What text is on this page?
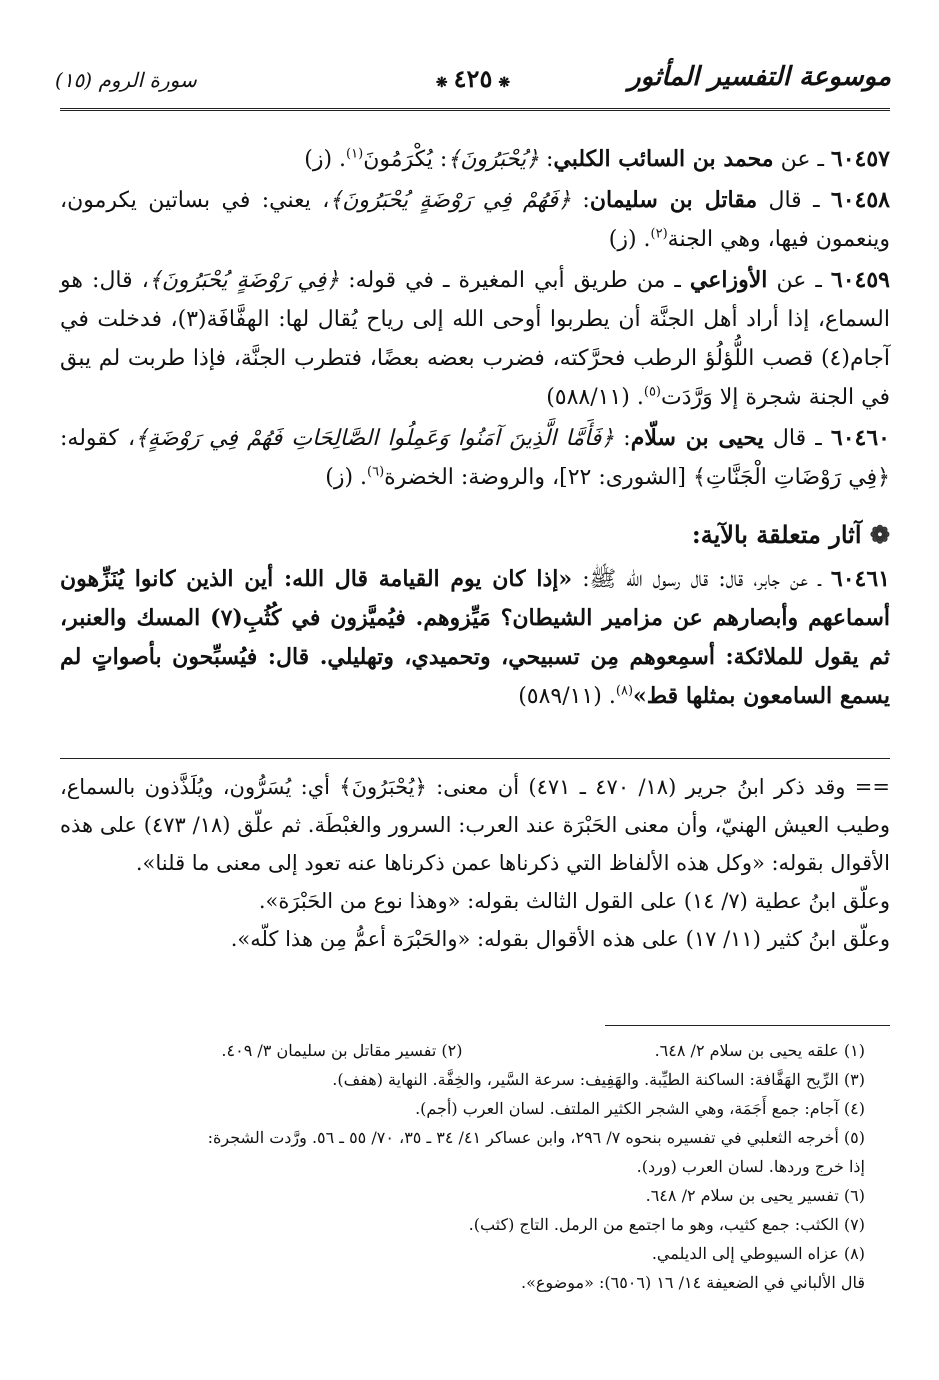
موسوعة التفسير المأثور
❋٤٢٥❋
سورة الروم (١٥)

٦٠٤٥٧ ـ عن محمد بن السائب الكلبي: ﴿يُحْبَرُونَ﴾: يُكْرَمُونَ$^{(١)}$. (ز)

٦٠٤٥٨ ـ قال مقاتل بن سليمان: ﴿فَهُمْ فِي رَوْضَةٍ يُحْبَرُونَ﴾، يعني: في بساتين يكرمون، وينعمون فيها، وهي الجنة$^{(٢)}$. (ز)

٦٠٤٥٩ ـ عن الأوزاعي ـ من طريق أبي المغيرة ـ في قوله: ﴿فِي رَوْضَةٍ يُحْبَرُونَ﴾، قال: هو السماع، إذا أراد أهل الجنَّة أن يطربوا أوحى الله إلى رياح يُقال لها: الهفَّافَة(٣)، فدخلت في آجام(٤) قصب اللُّؤلُؤ الرطب فحرَّكته، فضرب بعضه بعضًا، فتطرب الجنَّة، فإذا طربت لم يبق في الجنة شجرة إلا وَرَّدَت$^{(٥)}$. (٥٨٨/١١)

٦٠٤٦٠ ـ قال يحيى بن سلّام: ﴿فَأَمَّا الَّذِينَ آمَنُوا وَعَمِلُوا الصَّالِحَاتِ فَهُمْ فِي رَوْضَةٍ﴾، كقوله: ﴿فِي رَوْضَاتِ الْجَنَّاتِ﴾ [الشورى: ٢٢]، والروضة: الخضرة$^{(٦)}$. (ز)

❁ آثار متعلقة بالآية:

٦٠٤٦١ ـ عن جابر، قال: قال رسول الله ﷺ: «إذا كان يوم القيامة قال الله: أين الذين كانوا يُنَزِّهون أسماعهم وأبصارهم عن مزامير الشيطان؟ مَيِّزوهم. فيُميَّزون في كُثُبِ(٧) المسك والعنبر، ثم يقول للملائكة: أسمِعوهم مِن تسبيحي، وتحميدي، وتهليلي. قال: فيُسبِّحون بأصواتٍ لم يسمع السامعون بمثلها قط»$^{(٨)}$. (٥٨٩/١١)

== وقد ذكر ابنُ جرير (١٨/ ٤٧٠ ـ ٤٧١) أن معنى: ﴿يُحْبَرُونَ﴾ أي: يُسَرُّون، ويُلَذَّذون بالسماع، وطيب العيش الهنيّ، وأن معنى الحَبْرَة عند العرب: السرور والغبْطَة. ثم علّق (١٨/ ٤٧٣) على هذه الأقوال بقوله: «وكل هذه الألفاظ التي ذكرناها عمن ذكرناها عنه تعود إلى معنى ما قلنا».

وعلّق ابنُ عطية (٧/ ١٤) على القول الثالث بقوله: «وهذا نوع من الحَبْرَة».

وعلّق ابنُ كثير (١١/ ١٧) على هذه الأقوال بقوله: «والحَبْرَة أعمُّ مِن هذا كلّه».

(١) علقه يحيى بن سلام ٢/ ٦٤٨.

(٢) تفسير مقاتل بن سليمان ٣/ ٤٠٩.

(٣) الرِّيح الهَفَّافة: الساكنة الطيِّبة. والهَفِيف: سرعة السَّير، والخِفَّة. النهاية (هفف).

(٤) آجام: جمع أَجَمَة، وهي الشجر الكثير الملتف. لسان العرب (أجم).

(٥) أخرجه الثعلبي في تفسيره بنحوه ٧/ ٢٩٦، وابن عساكر ٤١/ ٣٤ ـ ٣٥، ٧٠/ ٥٥ ـ ٥٦. ورَّدت الشجرة:

إذا خرج وردها. لسان العرب (ورد).

(٦) تفسير يحيى بن سلام ٢/ ٦٤٨.

(٧) الكثب: جمع كثيب، وهو ما اجتمع من الرمل. التاج (كثب).

(٨) عزاه السيوطي إلى الديلمي.

قال الألباني في الضعيفة ١٤/ ١٦ (٦٥٠٦): «موضوع».
